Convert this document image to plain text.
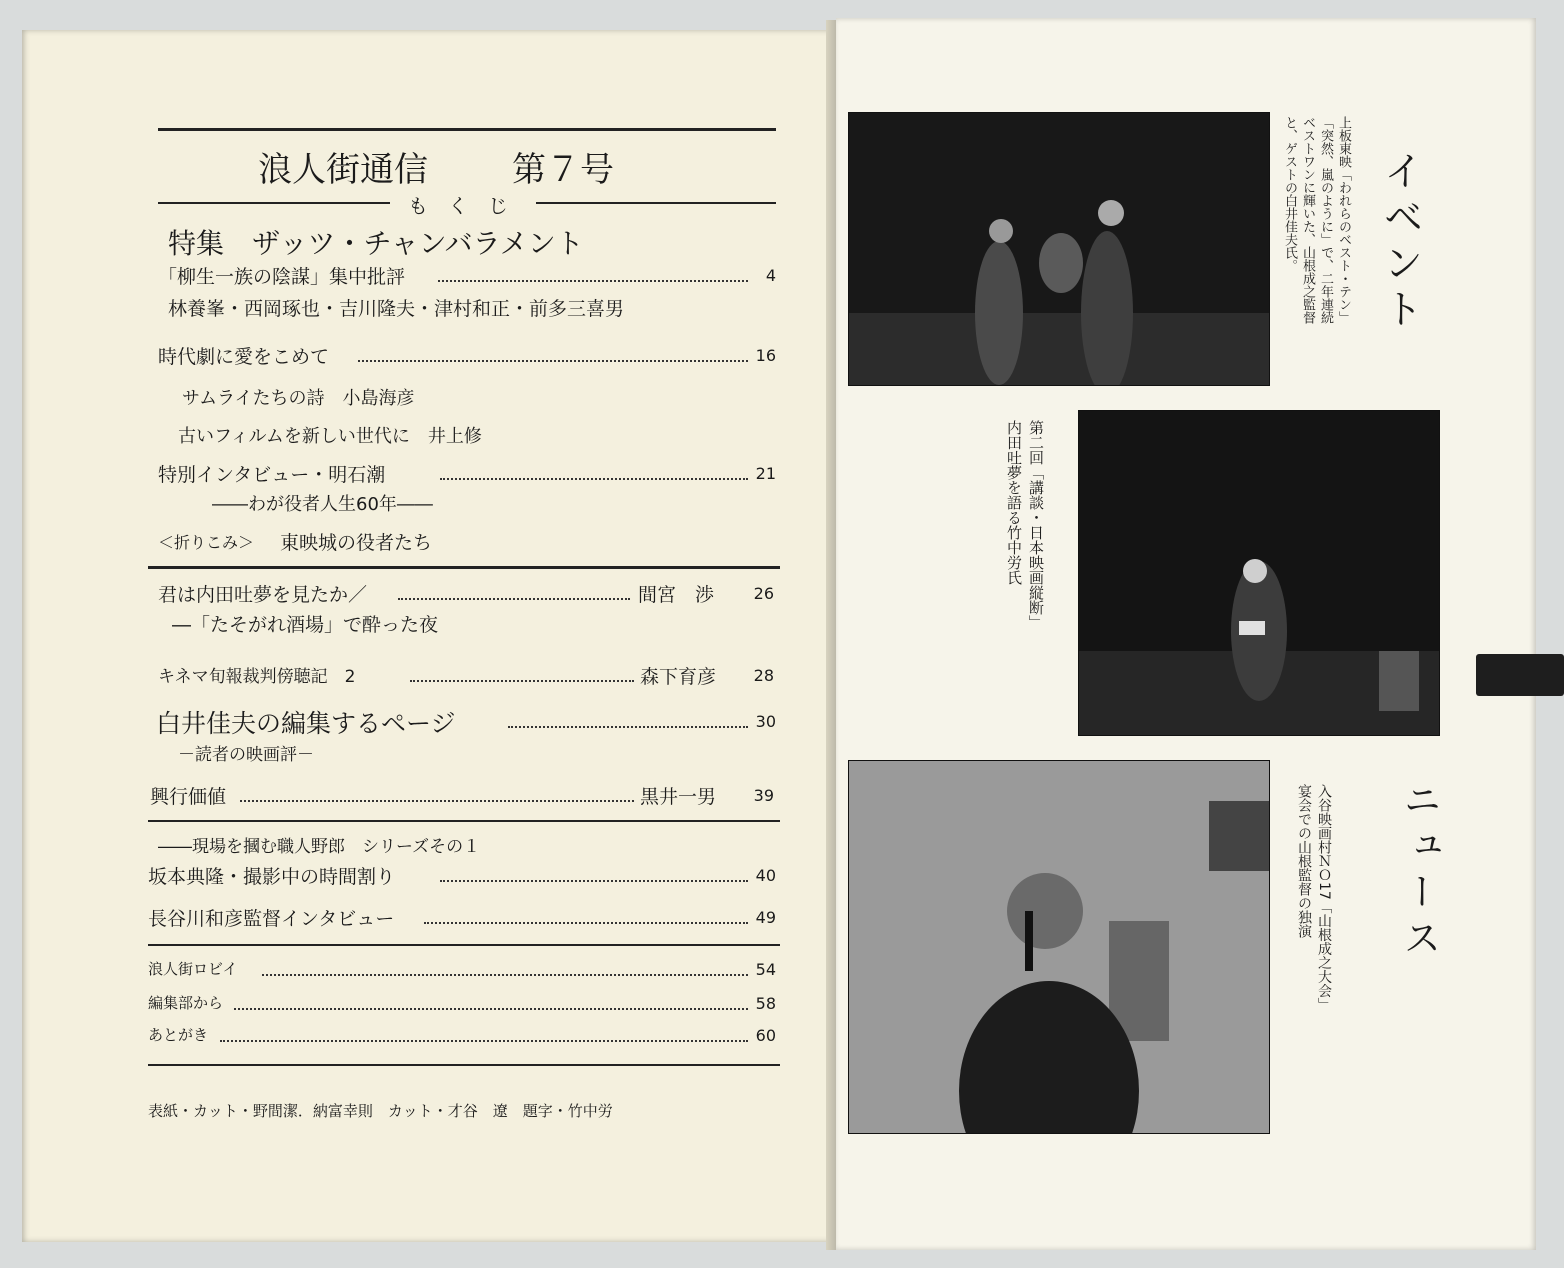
浪人街通信 第７号
も　く　じ
特集　ザッツ・チャンバラメント
「柳生一族の陰謀」集中批評	4
林養峯・西岡琢也・吉川隆夫・津村和正・前多三喜男
時代劇に愛をこめて	16
サムライたちの詩　小島海彦
古いフィルムを新しい世代に　井上修
特別インタビュー・明石潮	21
――わが役者人生60年――
＜折りこみ＞ 東映城の役者たち
君は内田吐夢を見たか／	間宮　渉	26
―「たそがれ酒場」で酔った夜
キネマ旬報裁判傍聴記　2	森下育彦	28
白井佳夫の編集するページ	30
－読者の映画評－
興行価値	黒井一男	39
――現場を摑む職人野郎　シリーズその１
坂本典隆・撮影中の時間割り	40
長谷川和彦監督インタビュー	49
浪人街ロビイ	54
編集部から	58
あとがき	60
表紙・カット・野間潔．納富幸則　カット・才谷　遼　題字・竹中労
イベント
上板東映「われらのベスト・テン」
「突然、嵐のように」で、二年連続
ベストワンに輝いた、山根成之監督
と、ゲストの白井佳夫氏。
第二回「講談・日本映画縦断」
内田吐夢を語る竹中労氏
ニュース
入谷映画村ＮＯ17「山根成之大会」
宴会での山根監督の独演
